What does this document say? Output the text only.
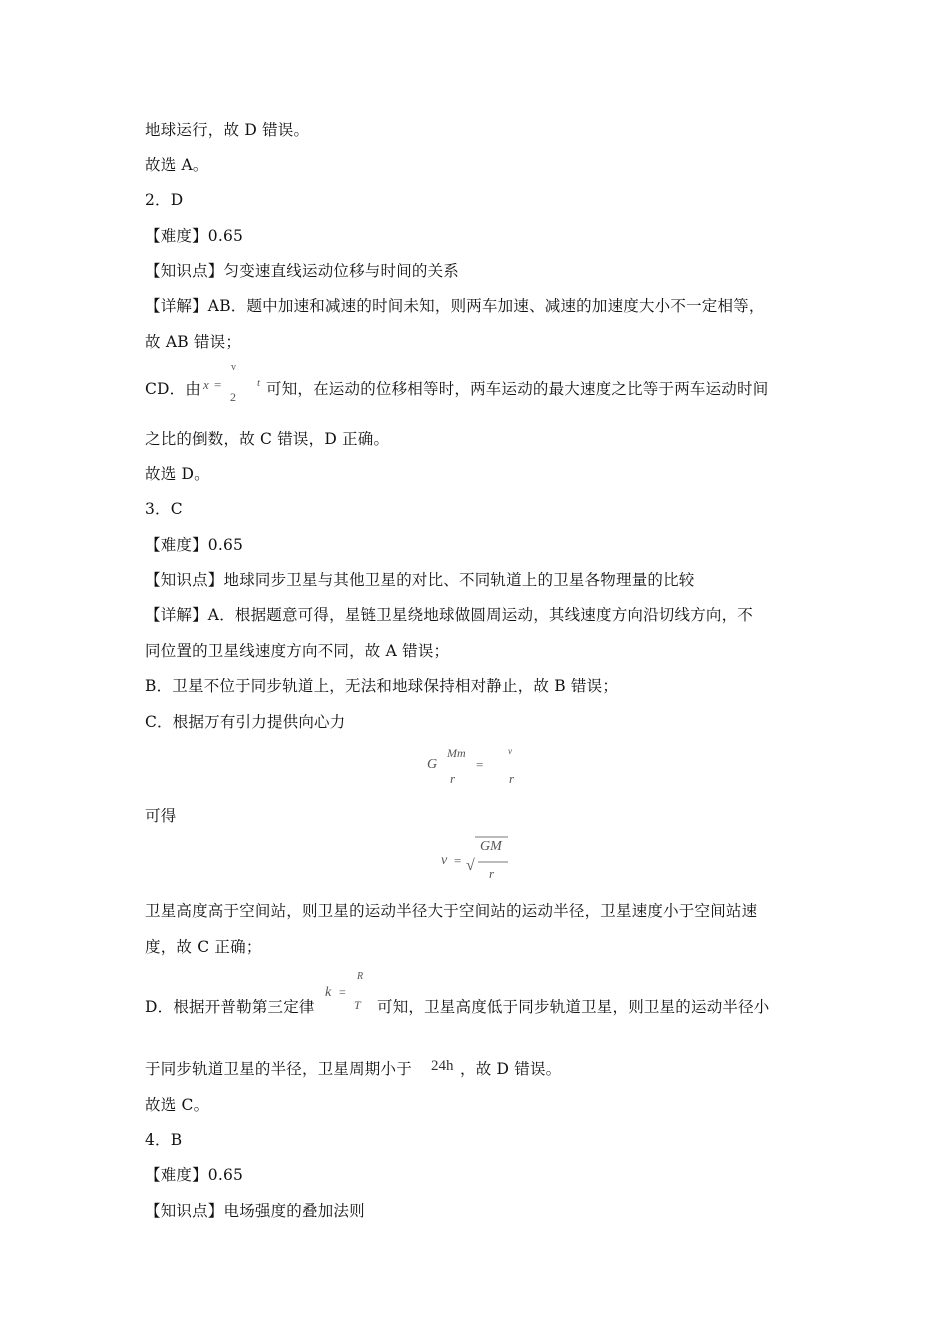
地球运行，故 D 错误。
故选 A。
2．D
【难度】0.65
【知识点】匀变速直线运动位移与时间的关系
【详解】AB．题中加速和减速的时间未知，则两车加速、减速的加速度大小不一定相等，
故 AB 错误；
CD．由 x =
v
2
t 可知，在运动的位移相等时，两车运动的最大速度之比等于两车运动时间
之比的倒数，故 C 错误，D 正确。
故选 D。
3．C
【难度】0.65
【知识点】地球同步卫星与其他卫星的对比、不同轨道上的卫星各物理量的比较
【详解】A．根据题意可得，星链卫星绕地球做圆周运动，其线速度方向沿切线方向，不
同位置的卫星线速度方向不同，故 A 错误；
B．卫星不位于同步轨道上，无法和地球保持相对静止，故 B 错误；
C．根据万有引力提供向心力
G
Mm
r
=
v
r
可得
v = √
GM
r
卫星高度高于空间站，则卫星的运动半径大于空间站的运动半径，卫星速度小于空间站速
度，故 C 正确；
D．根据开普勒第三定律
k =
R
T 可知，卫星高度低于同步轨道卫星，则卫星的运动半径小
于同步轨道卫星的半径，卫星周期小于 24h ，故 D 错误。
故选 C。
4．B
【难度】0.65
【知识点】电场强度的叠加法则
